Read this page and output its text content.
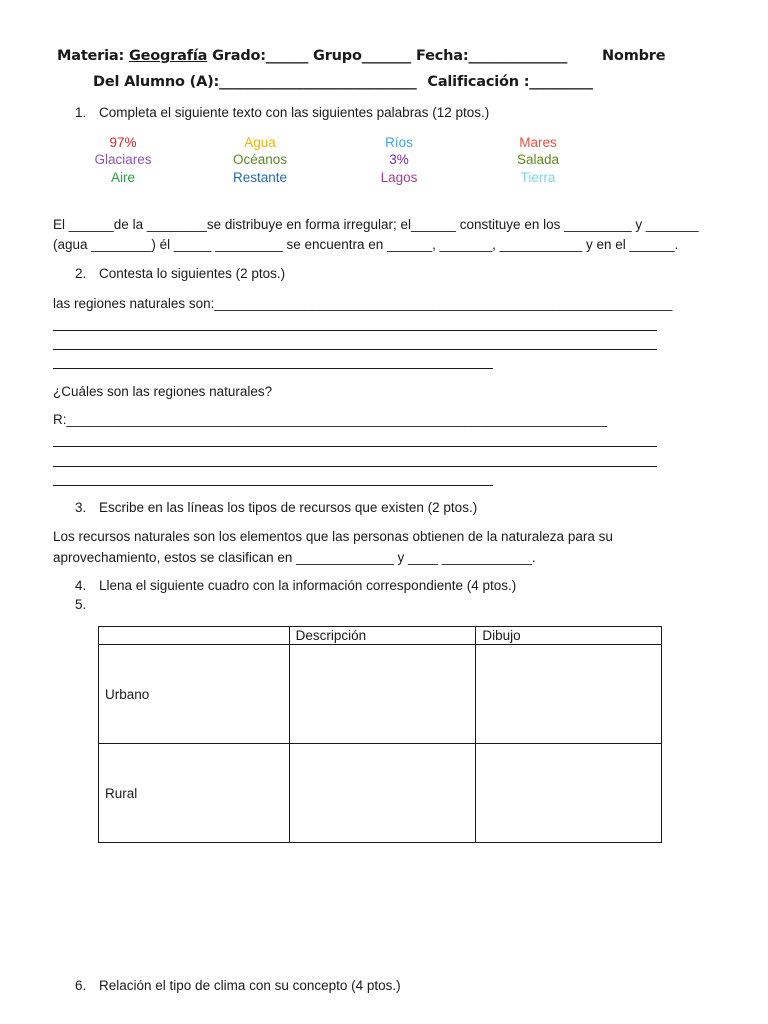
Materia: Geografía Grado:______ Grupo_______ Fecha:______________ Nombre
Del Alumno (A):____________________________ Calificación :_________
1. Completa el siguiente texto con las siguientes palabras (12 ptos.)
97%	Agua	Ríos	Mares
Glaciares	Océanos	3%	Salada
Aire	Restante	Lagos	Tierra
El ______de la ________se distribuye en forma irregular; el______ constituye en los _________ y _______
(agua ________) él _____ _________ se encuentra en ______, _______, ___________ y en el ______.
2. Contesta lo siguientes (2 ptos.)
las regiones naturales son:_____________________________________________________________
¿Cuáles son las regiones naturales?
R:________________________________________________________________________
3. Escribe en las líneas los tipos de recursos que existen (2 ptos.)
Los recursos naturales son los elementos que las personas obtienen de la naturaleza para su
aprovechamiento, estos se clasifican en _____________ y ____ ____________.
4. Llena el siguiente cuadro con la información correspondiente (4 ptos.)
5.
	Descripción	Dibujo
Urbano		
Rural		
6. Relación el tipo de clima con su concepto (4 ptos.)
